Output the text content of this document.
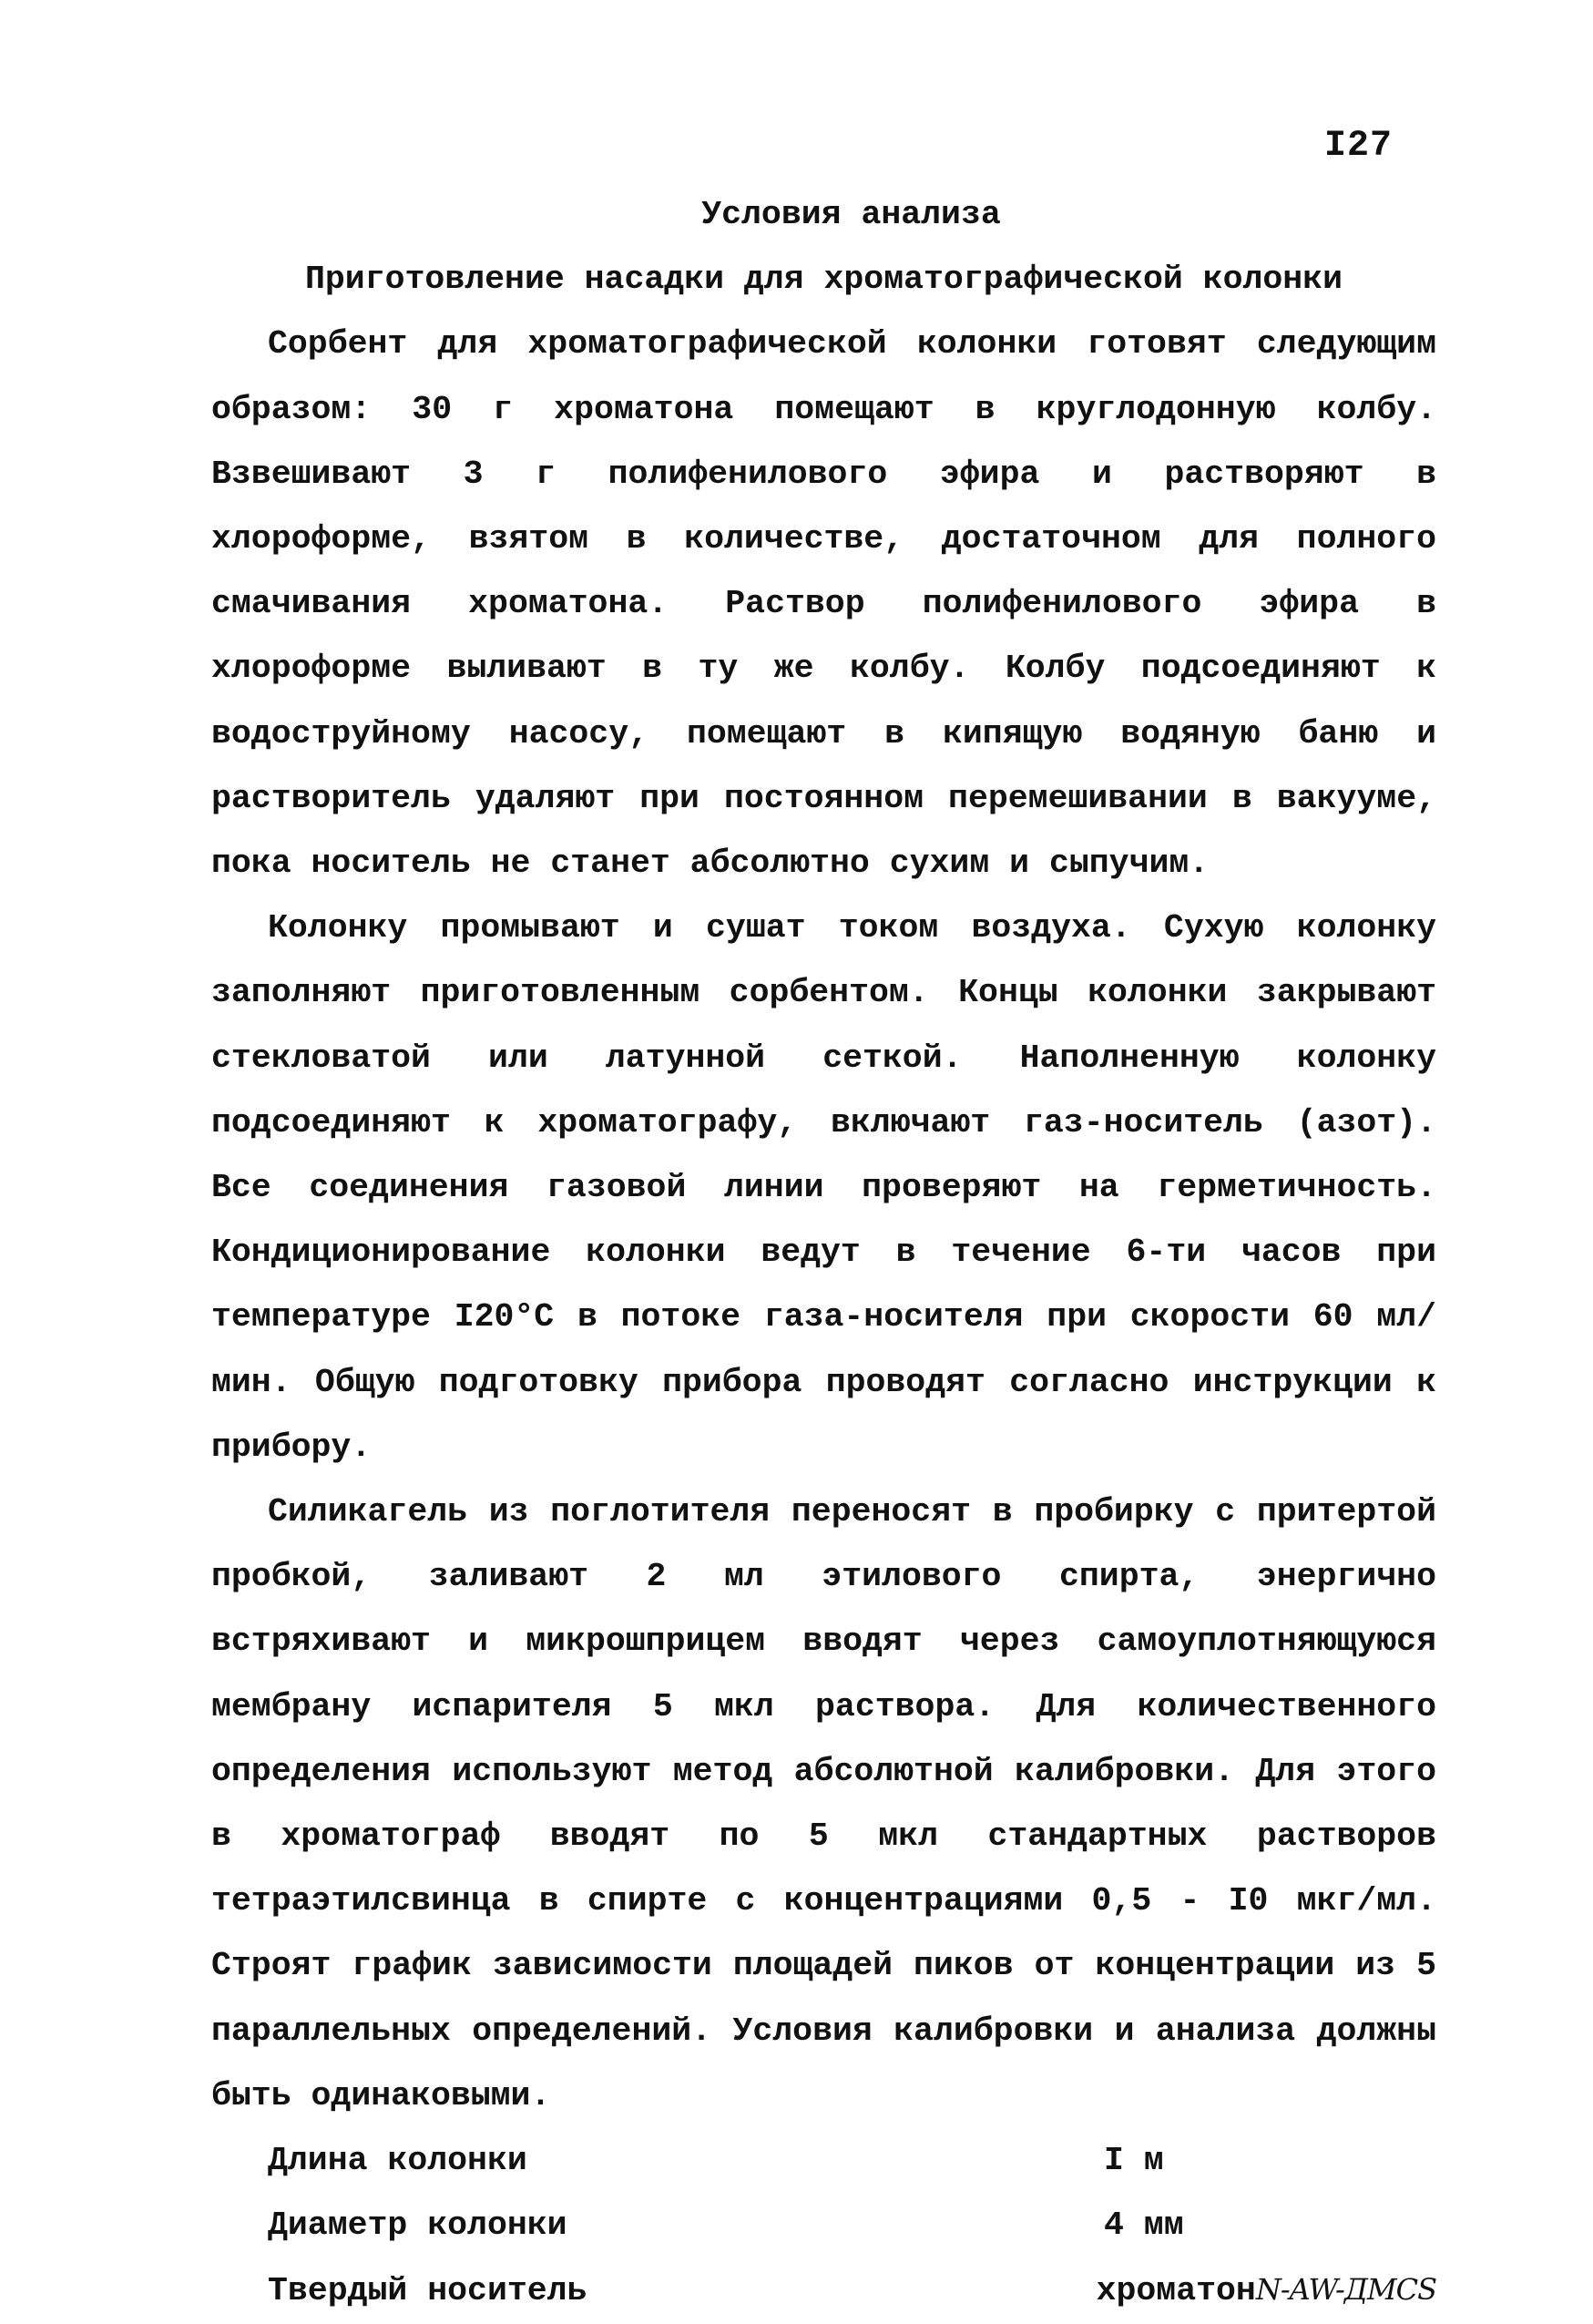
I27

Условия анализа

Приготовление насадки для хроматографической колонки

Сорбент для хроматографической колонки готовят следующим образом: 30 г хроматона помещают в круглодонную колбу. Взвешивают 3 г полифенилового эфира и растворяют в хлороформе, взятом в количестве, достаточном для полного смачивания хроматона. Раствор полифенилового эфира в хлороформе выливают в ту же колбу. Колбу подсоединяют к водоструйному насосу, помещают в кипящую водяную баню и растворитель удаляют при постоянном перемешивании в вакууме, пока носитель не станет абсолютно сухим и сыпучим.

Колонку промывают и сушат током воздуха. Сухую колонку заполняют приготовленным сорбентом. Концы колонки закрывают стекловатой или латунной сеткой. Наполненную колонку подсоединяют к хроматографу, включают газ-носитель (азот). Все соединения газовой линии проверяют на герметичность. Кондиционирование колонки ведут в течение 6-ти часов при температуре I20°С в потоке газа-носителя при скорости 60 мл/мин. Общую подготовку прибора проводят согласно инструкции к прибору.

Силикагель из поглотителя переносят в пробирку с притертой пробкой, заливают 2 мл этилового спирта, энергично встряхивают и микрошприцем вводят через самоуплотняющуюся мембрану испарителя 5 мкл раствора. Для количественного определения используют метод абсолютной калибровки. Для этого в хроматограф вводят по 5 мкл стандартных растворов тетраэтилсвинца в спирте с концентрациями 0,5 - I0 мкг/мл. Строят график зависимости площадей пиков от концентрации из 5 параллельных определений. Условия калибровки и анализа должны быть одинаковыми.

Длина колонки	I м
Диаметр колонки	4 мм
Твердый носитель	хроматонN-AW-ДМСS
